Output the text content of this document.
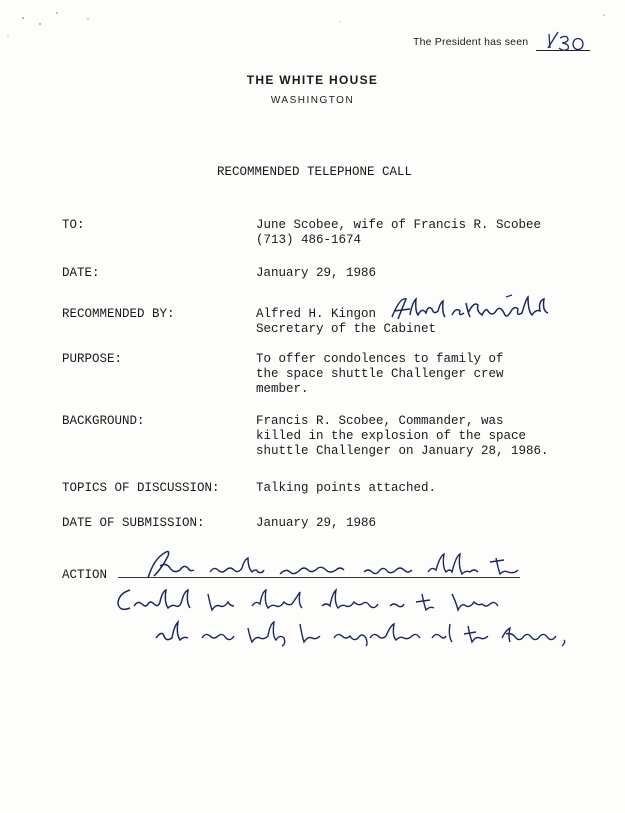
The President has seen
THE WHITE HOUSE
WASHINGTON
RECOMMENDED TELEPHONE CALL
TO:	June Scobee, wife of Francis R. Scobee
(713) 486-1674
DATE:	January 29, 1986
RECOMMENDED BY:	Alfred H. Kingon
Secretary of the Cabinet
PURPOSE:	To offer condolences to family of
the space shuttle Challenger crew
member.
BACKGROUND:	Francis R. Scobee, Commander, was
killed in the explosion of the space
shuttle Challenger on January 28, 1986.
TOPICS OF DISCUSSION:	Talking points attached.
DATE OF SUBMISSION:	January 29, 1986
ACTION
